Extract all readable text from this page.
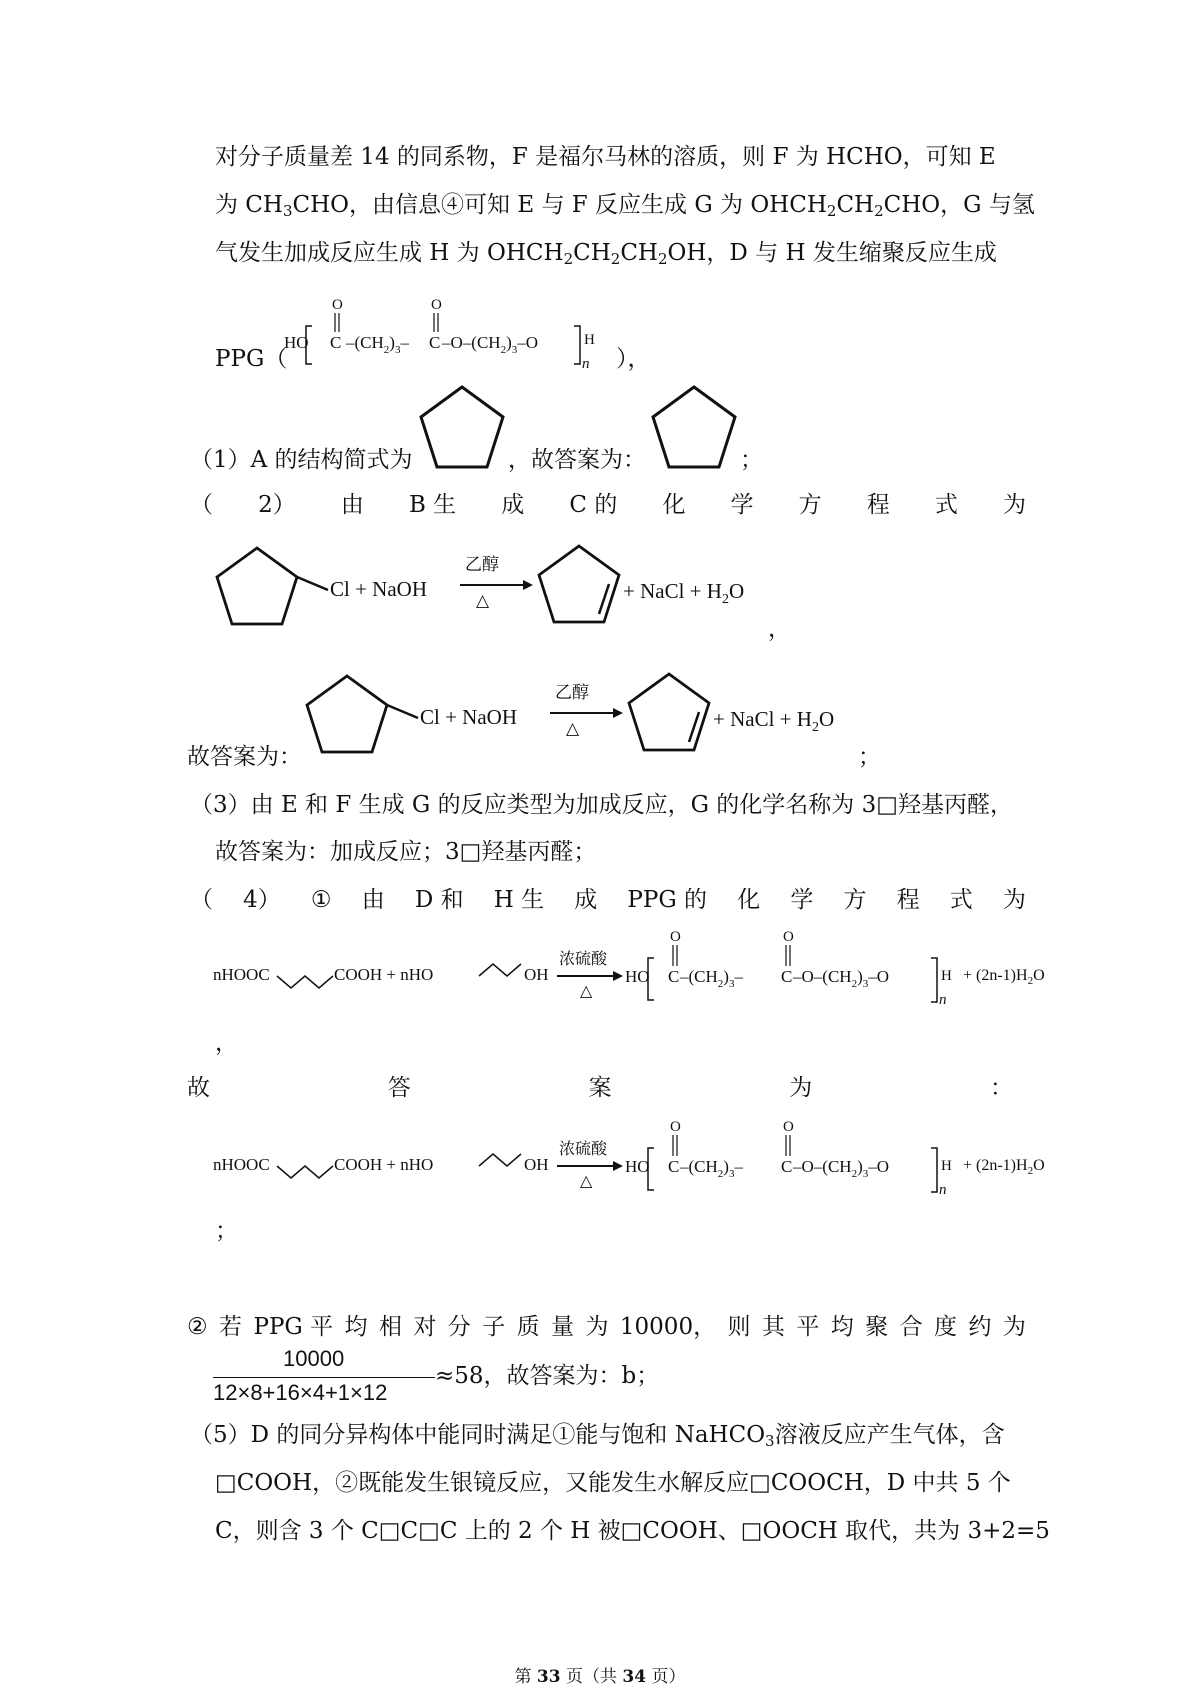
对分子质量差 14 的同系物，F 是福尔马林的溶质，则 F 为 HCHO，可知 E
为 $CH_3CHO$，由信息④可知 E 与 F 反应生成 G 为 $OHCH_2CH_2CHO$，G 与氢
气发生加成反应生成 H 为 $OHCH_2CH_2CH_2OH$，D 与 H 发生缩聚反应生成
PPG（
HO
O
C $-(CH_2)_3-$
O
C $-O-(CH_2)_3-O$	H
n ），
（1）A 的结构简式为	，故答案为：	；
（ 2） 由 B 生 成 C 的 化 学 方 程 式 为
Cl + NaOH
乙醇
△	+ NaCl + $H_2O$
，
故答案为：
Cl + NaOH
乙醇
△	+ NaCl + $H_2O$
；
（3）由 E 和 F 生成 G 的反应类型为加成反应，G 的化学名称为 3□羟基丙醛，
故答案为：加成反应；3□羟基丙醛；
（ 4） ① 由 D 和 H 生 成 PPG 的 化 学 方 程 式 为
nHOOC	COOH + nHO	OH
浓硫酸
△
HO
O
C $-(CH_2)_3-$
O
C $-O-(CH_2)_3-O$	H
n
+ $(2n-1)H_2O$
，
故	答	案	为	：
nHOOC	COOH + nHO	OH
浓硫酸
△
HO
O
C $-(CH_2)_3-$
O
C $-O-(CH_2)_3-O$	H
n
+ $(2n-1)H_2O$
；
② 若 PPG 平 均 相 对 分 子 质 量 为 10000， 则 其 平 均 聚 合 度 约 为
10000
12×8+16×4+1×12
≈58，故答案为：b；
（5）D 的同分异构体中能同时满足①能与饱和 NaHCO$_3$溶液反应产生气体，含
□COOH，②既能发生银镜反应，又能发生水解反应□COOCH，D 中共 5 个
C，则含 3 个 C□C□C 上的 2 个 H 被□COOH、□OOCH 取代，共为 3+2=5
第 33 页（共 34 页）
